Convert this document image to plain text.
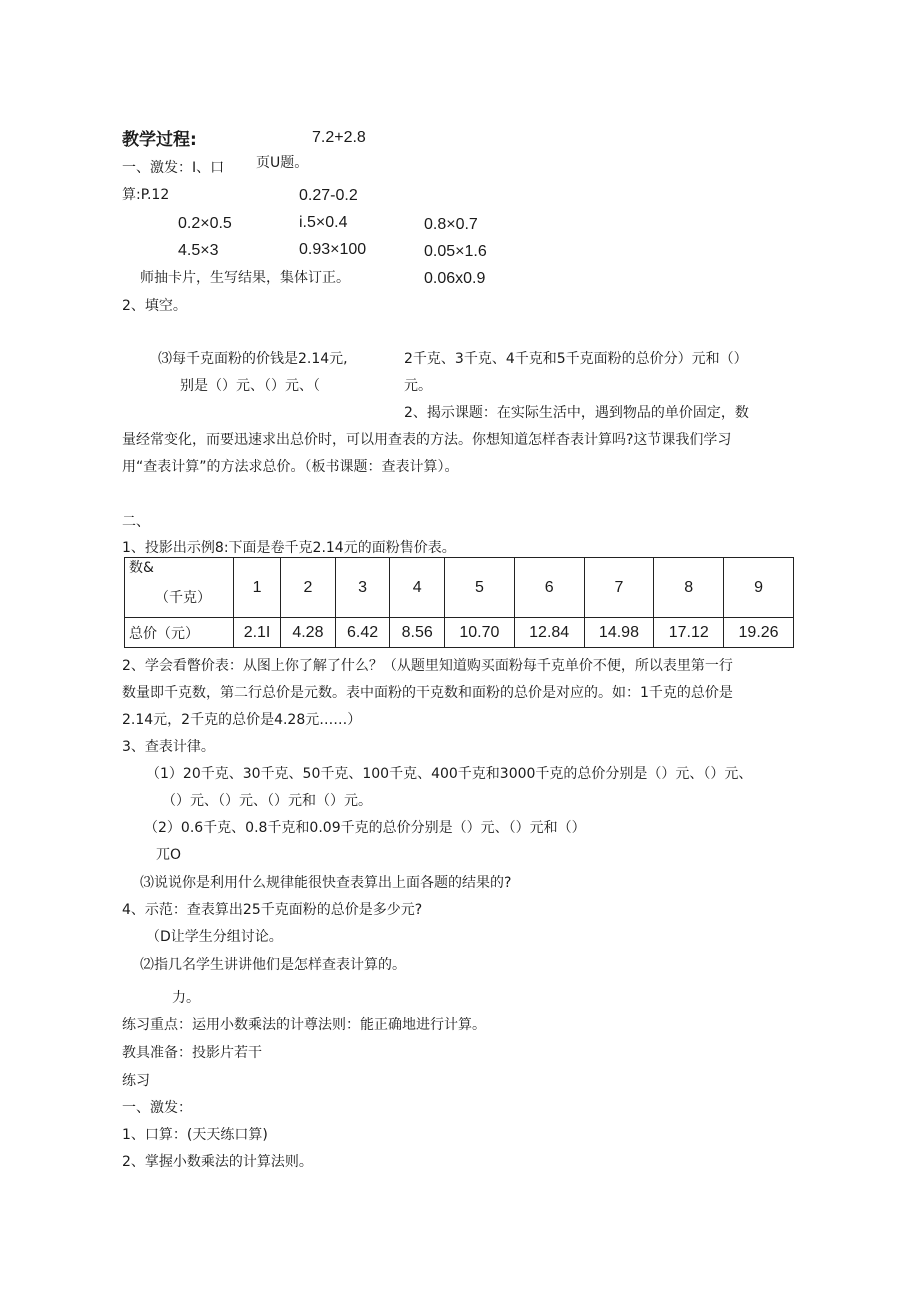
教学过程:	7.2+2.8
一、激发：I、口 页U题。
算:P.12	0.27-0.2
0.2×0.5	i.5×0.4	0.8×0.7
4.5×3	0.93×100	0.05×1.6
师抽卡片，生写结果，集体订正。	0.06x0.9
2、填空。
⑶每千克面粉的价钱是2.14元,	2千克、3千克、4千克和5千克面粉的总价分）元和（）
别是（）元、（）元、（	元。
2、揭示课题：在实际生活中，遇到物品的单价固定，数
量经常变化，而要迅速求出总价时，可以用查表的方法。你想知道怎样杳表计算吗?这节课我们学习
用“查表计算”的方法求总价。（板书课题：查表计算）。
二、
1、投影出示例8:下面是卷千克2.14元的面粉售价表。
数&
（千克）	1	2	3	4	5	6	7	8	9
总价（元）	2.1I	4.28	6.42	8.56	10.70	12.84	14.98	17.12	19.26
2、学会看瞥价表：从图上你了解了什么？（从题里知道购买面粉每千克单价不便，所以表里第一行
数量即千克数，第二行总价是元数。表中面粉的干克数和面粉的总价是对应的。如：1千克的总价是
2.14元，2千克的总价是4.28元……）
3、查表计律。
（1）20千克、30千克、50千克、100千克、400千克和3000千克的总价分别是（）元、（）元、
（）元、（）元、（）元和（）元。
（2）0.6千克、0.8千克和0.09千克的总价分别是（）元、（）元和（）
兀O
⑶说说你是利用什么规律能很快查表算出上面各题的结果的?
4、示范：查表算出25千克面粉的总价是多少元?
（D让学生分组讨论。
⑵指几名学生讲讲他们是怎样查表计算的。
力。
练习重点：运用小数乘法的计尊法则：能正确地进行计算。
教具准备：投影片若干
练习
一、激发：
1、口算：(天天练口算)
2、掌握小数乘法的计算法则。
